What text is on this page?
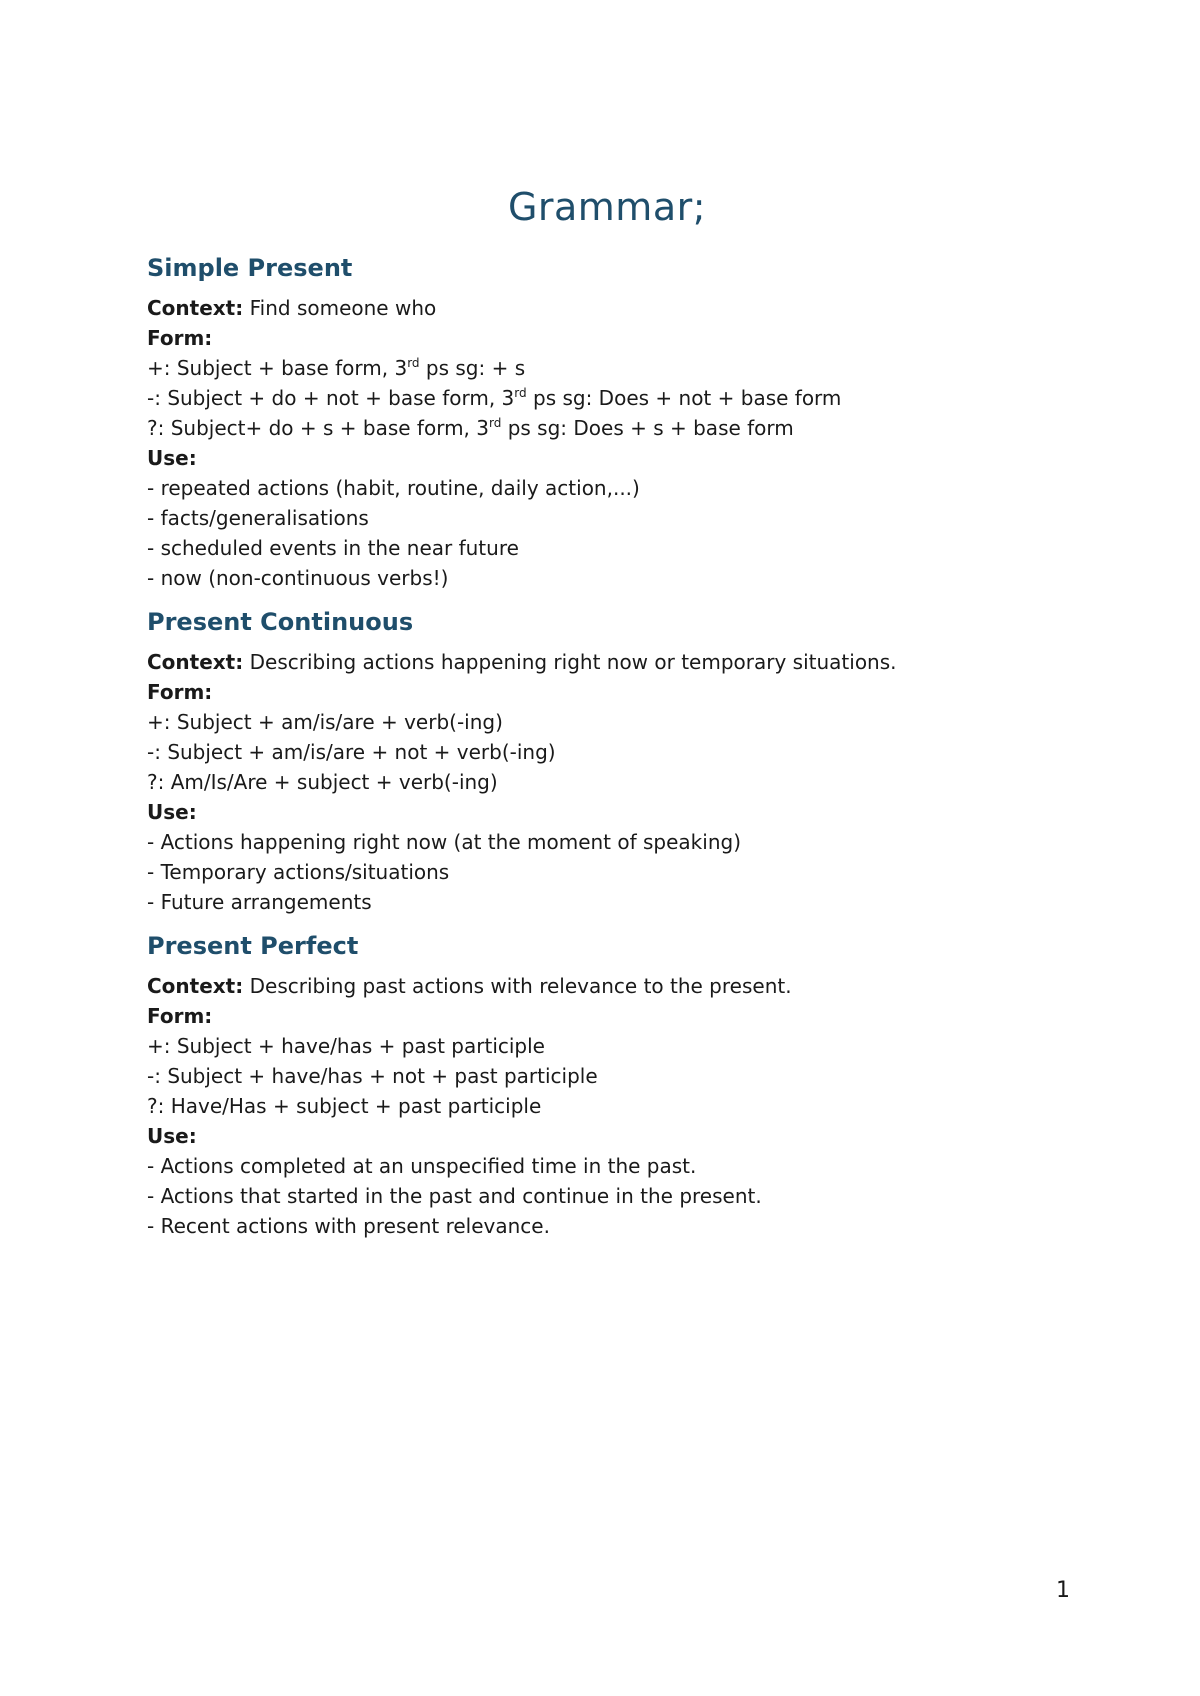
Grammar;
Simple Present

Context: Find someone who

Form:

+: Subject + base form, 3rd ps sg: + s

-: Subject + do + not + base form, 3rd ps sg: Does + not + base form

?: Subject+ do + s + base form, 3rd ps sg: Does + s + base form

Use:

- repeated actions (habit, routine, daily action,...)

- facts/generalisations

- scheduled events in the near future

- now (non-continuous verbs!)

Present Continuous

Context: Describing actions happening right now or temporary situations.

Form:

+: Subject + am/is/are + verb(-ing)

-: Subject + am/is/are + not + verb(-ing)

?: Am/Is/Are + subject + verb(-ing)

Use:

- Actions happening right now (at the moment of speaking)

- Temporary actions/situations

- Future arrangements

Present Perfect

Context: Describing past actions with relevance to the present.

Form:

+: Subject + have/has + past participle

-: Subject + have/has + not + past participle

?: Have/Has + subject + past participle

Use:

- Actions completed at an unspecified time in the past.

- Actions that started in the past and continue in the present.

- Recent actions with present relevance.

1
